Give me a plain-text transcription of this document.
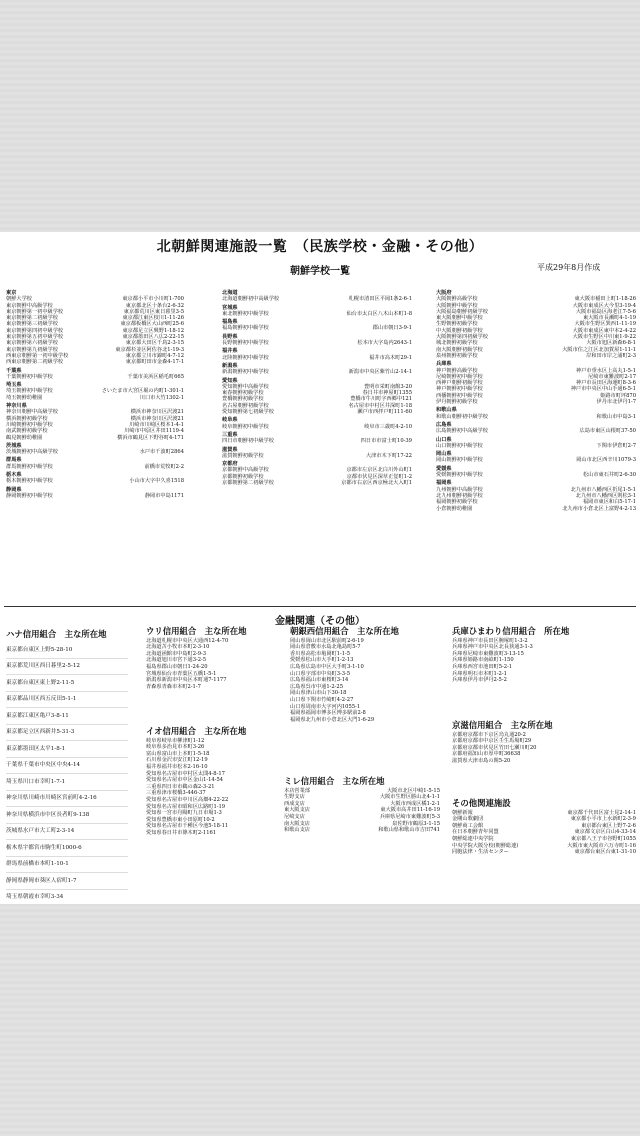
北朝鮮関連施設一覧　（民族学校・金融・その他）
朝鮮学校一覧	平成29年8月作成
東京
朝鮮大学校	東京都小平市小川町1-700
東京朝鮮中高級学校	東京都北区十条台2-6-32
東京朝鮮第一初中級学校	東京都荒川区東日暮里3-5
東京朝鮮第二初級学校	東京都江東区枝川1-11-26
東京朝鮮第三初級学校	東京都板橋区大山西町25-6
東京朝鮮第四初中級学校	東京都足立区興野1-18-12
東京朝鮮第五初中級学校	東京都墨田区八広2-22-15
東京朝鮮第六初級学校	東京都大田区千鳥2-3-15
東京朝鮮第九初級学校	東京都杉並区阿佐谷北1-19-3
西東京朝鮮第一初中級学校	東京都立川市錦町4-7-12
西東京朝鮮第二初級学校	東京都町田市金森4-17-1
千葉県
千葉朝鮮初中級学校	千葉市美浜区稲毛町665
埼玉県
埼玉朝鮮初中級学校	さいたま市大宮区堀の内町1-301-1
埼玉朝鮮幼稚園	川口市大竹1302-1
神奈川県
神奈川朝鮮中高級学校	横浜市神奈川区沢渡21
横浜朝鮮初級学校	横浜市神奈川区沢渡21
川崎朝鮮初中級学校	川崎市川崎区桜本1-4-1
南武朝鮮初級学校	川崎市中原区井田1119-4
鶴見朝鮮幼稚園	横浜市鶴見区下野谷町4-171
茨城県
茨城朝鮮初中高級学校	水戸市千波町2864
群馬県
群馬朝鮮初中級学校	前橋市荒牧町2-2
栃木県
栃木朝鮮初中級学校	小山市大字中久喜1518
静岡県
静岡朝鮮初中級学校	静岡市中島1171
北海道
北海道朝鮮初中高級学校	札幌市清田区平岡1条2-6-1
宮城県
東北朝鮮初中級学校	仙台市太白区八木山本町1-8
福島県
福島朝鮮初中級学校	郡山市朝日3-9-1
長野県
長野朝鮮初中級学校	松本市大字島内2643-1
福井県
北陸朝鮮初中級学校	福井市高木町29-1
新潟県
新潟朝鮮初中級学校	新潟市中央区紫竹山2-14-1
愛知県
愛知朝鮮中高級学校	豊明市栄町南館3-20
東春朝鮮初級学校	春日井市神屋町1355
豊橋朝鮮初級学校	豊橋市牛川町字西郷中121
名古屋朝鮮初級学校	名古屋市中村区井深町1-18
愛知朝鮮第七初級学校	瀬戸市西拝戸町111-60
岐阜県
岐阜朝鮮初中級学校	岐阜市三歳町4-2-10
三重県
四日市朝鮮初中級学校	四日市市富士町10-39
滋賀県
滋賀朝鮮初級学校	大津市木下町17-22
京都府
京都朝鮮中高級学校	京都市左京区北白川外山町1
京都朝鮮初級学校	京都市伏見区深草正覚町1-2
京都朝鮮第二初級学校	京都市右京区西京極北大入町1
大阪府
大阪朝鮮高級学校	東大阪市稲田上町1-18-26
大阪朝鮮中級学校	大阪市東成区大今里3-19-4
大阪福島朝鮮初級学校	大阪市福島区海老江7-5-6
東大阪朝鮮中級学校	東大阪市長瀬町4-1-19
生野朝鮮初級学校	大阪市生野区巽西1-11-19
中大阪朝鮮初級学校	大阪市東成区東中本2-4-22
大阪朝鮮第四初級学校	大阪市生野区中川東1-9-22
城北朝鮮初級学校	大阪市旭区新森6-8-1
南大阪朝鮮初級学校	大阪市住之江区北加賀屋1-11-1
泉州朝鮮初級学校	岸和田市岸之浦町2-3
兵庫県
神戸朝鮮高級学校	神戸市垂水区上高丸1-5-1
尼崎朝鮮初中級学校	尼崎市東難波町2-17
西神戸朝鮮初級学校	神戸市長田区海運町8-3-6
神戸朝鮮初中級学校	神戸市中央区中山手通6-5-1
西播朝鮮初中級学校	姫路市町坪870
伊丹朝鮮初級学校	伊丹市北伊丹1-7
和歌山県
和歌山朝鮮初中級学校	和歌山市中島3-1
広島県
広島朝鮮初中高級学校	広島市東区山根町37-50
山口県
山口朝鮮初中級学校	下関市伊倉町2-7
岡山県
岡山朝鮮初中級学校	岡山市北区西辛川1079-3
愛媛県
愛媛朝鮮初中級学校	松山市東石井町2-6-30
福岡県
九州朝鮮中高級学校	北九州市八幡西区折尾1-5-1
北九州朝鮮初級学校	北九州市八幡西区則松3-1
福岡朝鮮初級学校	福岡市東区和白5-17-1
小倉朝鮮幼稚園	北九州市小倉北区上富野4-2-13
金融関連（その他）
ハナ信用組合　主な所在地
東京都台東区上野5-28-10
東京都荒川区西日暮里2-5-12
東京都台東区東上野2-11-5
東京都品川区西五反田5-1-1
東京都江東区亀戸3-8-11
東京都足立区西新井5-31-3
東京都墨田区太平1-8-1
千葉県千葉市中央区中央4-14
埼玉県川口市幸町1-7-1
神奈川県川崎市川崎区宮前町4-2-16
神奈川県横浜市中区長者町9-138
茨城県水戸市大工町2-3-14
栃木県宇都宮市駒生町1000-6
群馬県前橋市本町1-10-1
静岡県静岡市葵区人宿町1-7
埼玉県朝霞市幸町3-34
ウリ信用組合　主な所在地
北海道札幌市中央区大通西12-4-70
北海道苫小牧市本町2-3-10
北海道函館市中島町2-9-3
北海道旭川市宮下通3-2-5
福島県郡山市朝日1-24-20
宮城県仙台市青葉区五橋1-5-1
新潟県新潟市中央区本町通7-1177
青森県青森市本町2-1-7
イオ信用組合　主な所在地
岐阜県岐阜市柳津町1-12
岐阜県多治見市本町3-26
富山県富山市上本町1-5-18
石川県金沢市安江町12-19
福井県福井市松本2-16-10
愛知県名古屋市中村区太閤4-8-17
愛知県名古屋市中区金山1-14-54
三重県四日市市鵜の森2-3-21
三重県津市桜橋3-446-37
愛知県名古屋市中川区高畑4-22-22
愛知県名古屋市昭和区広路町1-19
愛知県一宮市丹陽町九日市場1-3
愛知県豊橋市東小田原町10-2
愛知県名古屋市千種区今池5-18-11
愛知県春日井市篠木町2-1161
朝銀西信用組合　主な所在地
岡山県岡山市北区駅前町2-6-19
岡山県倉敷市水島北亀島町5-7
香川県高松市亀岡町1-1-5
愛媛県松山市大手町1-2-13
広島県広島市中区大手町3-1-10
山口県宇部市中央町3-3-5
広島県福山市東桜町3-14
広島県呉市中通1-2-25
岡山県津山市山下30-18
山口県下関市竹崎町4-2-27
山口県周南市大字河内1055-1
福岡県福岡市博多区博多駅前2-8
福岡県北九州市小倉北区大門1-6-29
ミレ信用組合　主な所在地
本店営業部	大阪市北区中崎1-5-15
生野支店	大阪市生野区勝山北4-1-1
西成支店	大阪市西成区橘1-2-1
東大阪支店	東大阪市高井田11-16-19
尼崎支店	兵庫県尼崎市東難波町5-3
南大阪支店	泉佐野市鶴原3-1-15
和歌山支店	和歌山県和歌山市吉田741
兵庫ひまわり信用組合　所在地
兵庫県神戸市長田区腕塚町1-3-2
兵庫県神戸市中央区北長狭通3-1-3
兵庫県尼崎市東難波町3-13-15
兵庫県姫路市南畝町1-150
兵庫県西宮市池田町5-2-1
兵庫県明石市本町1-2-1
兵庫県伊丹市伊丹2-5-2
京滋信用組合　主な所在地
京都府京都市下京区烏丸通20-2
京都府京都市中京区壬生馬場町29
京都府京都市伏見区竹田七瀬川町20
京都府福知山市厚中町36638
滋賀県大津市島の関5-20
その他関連施設
朝鮮新報	東京都千代田区富士見2-14-1
金剛山歌劇団	東京都小平市上水新町2-3-9
朝鮮商工会館	東京都台東区上野7-2-6
在日本朝鮮青年同盟	東京都文京区白山4-33-14
朝鮮総連中央学院	東京都八王子市谷野町1055
中央学院大阪分校(朝鮮総連)	大阪市東大阪市六万寺町1-16
同胞法律・生活センター	東京都台東区台東1-31-10
